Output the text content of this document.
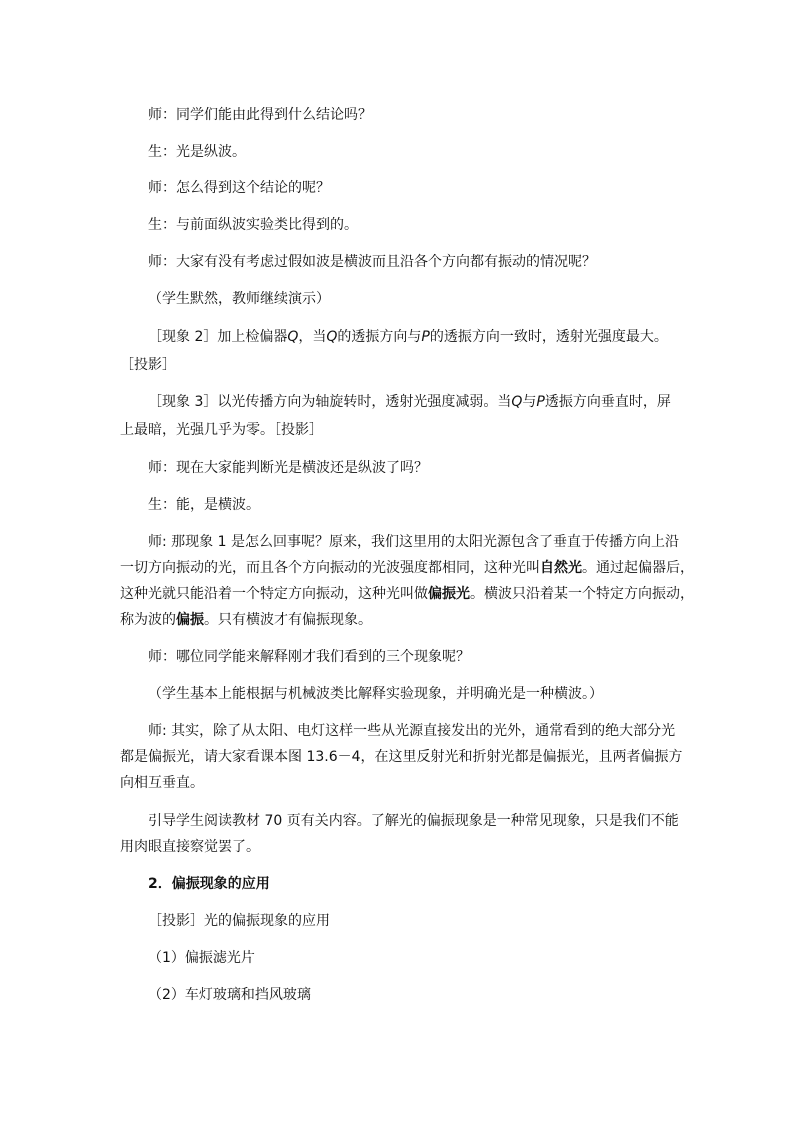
师：同学们能由此得到什么结论吗？

生：光是纵波。

师：怎么得到这个结论的呢？

生：与前面纵波实验类比得到的。

师：大家有没有考虑过假如波是横波而且沿各个方向都有振动的情况呢？

（学生默然，教师继续演示）

［现象 2］加上检偏器Q，当Q的透振方向与P的透振方向一致时，透射光强度最大。

［投影］

［现象 3］以光传播方向为轴旋转时，透射光强度减弱。当Q与P透振方向垂直时，屏

上最暗，光强几乎为零。［投影］

师：现在大家能判断光是横波还是纵波了吗？

生：能，是横波。

师: 那现象 1 是怎么回事呢？原来，我们这里用的太阳光源包含了垂直于传播方向上沿

一切方向振动的光，而且各个方向振动的光波强度都相同，这种光叫自然光。通过起偏器后，

这种光就只能沿着一个特定方向振动，这种光叫做偏振光。横波只沿着某一个特定方向振动，

称为波的偏振。只有横波才有偏振现象。

师：哪位同学能来解释刚才我们看到的三个现象呢？

（学生基本上能根据与机械波类比解释实验现象，并明确光是一种横波。）

师: 其实，除了从太阳、电灯这样一些从光源直接发出的光外，通常看到的绝大部分光

都是偏振光，请大家看课本图 13.6－4，在这里反射光和折射光都是偏振光，且两者偏振方

向相互垂直。

引导学生阅读教材 70 页有关内容。了解光的偏振现象是一种常见现象，只是我们不能

用肉眼直接察觉罢了。

2．偏振现象的应用

［投影］光的偏振现象的应用

（1）偏振滤光片

（2）车灯玻璃和挡风玻璃
